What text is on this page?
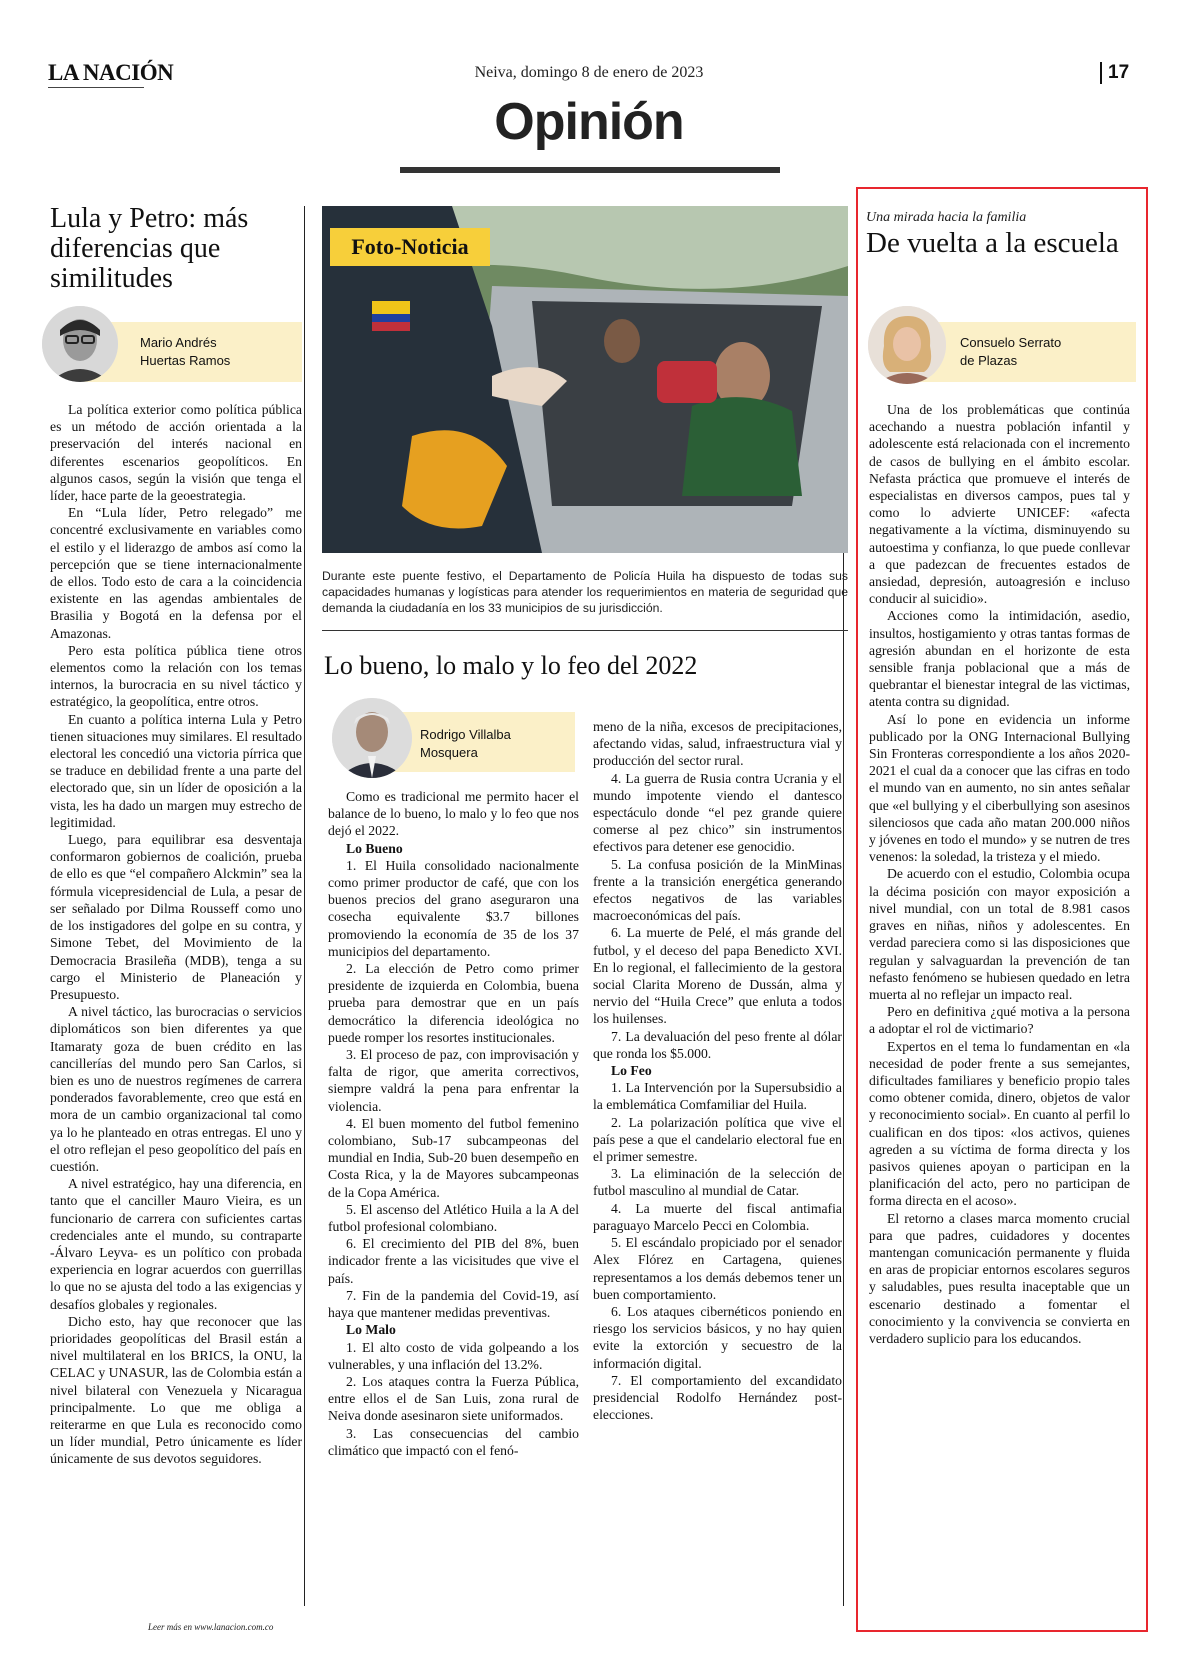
LA NACIÓN	Neiva, domingo 8 de enero de 2023	17
Opinión
Lula y Petro: más diferencias que similitudes
Mario Andrés
Huertas Ramos

La política exterior como política pública es un método de acción orientada a la preservación del interés nacional en diferentes escenarios geopolíticos. En algunos casos, según la visión que tenga el líder, hace parte de la geoestrategia.

En “Lula líder, Petro relegado” me concentré exclusivamente en variables como el estilo y el liderazgo de ambos así como la percepción que se tiene internacionalmente de ellos. Todo esto de cara a la coincidencia existente en las agendas ambientales de Brasilia y Bogotá en la defensa por el Amazonas.

Pero esta política pública tiene otros elementos como la relación con los temas internos, la burocracia en su nivel táctico y estratégico, la geopolítica, entre otros.

En cuanto a política interna Lula y Petro tienen situaciones muy similares. El resultado electoral les concedió una victoria pírrica que se traduce en debilidad frente a una parte del electorado que, sin un líder de oposición a la vista, les ha dado un margen muy estrecho de legitimidad.

Luego, para equilibrar esa desventaja conformaron gobiernos de coalición, prueba de ello es que “el compañero Alckmin” sea la fórmula vicepresidencial de Lula, a pesar de ser señalado por Dilma Rousseff como uno de los instigadores del golpe en su contra, y Simone Tebet, del Movimiento de la Democracia Brasileña (MDB), tenga a su cargo el Ministerio de Planeación y Presupuesto.

A nivel táctico, las burocracias o servicios diplomáticos son bien diferentes ya que Itamaraty goza de buen crédito en las cancillerías del mundo pero San Carlos, si bien es uno de nuestros regímenes de carrera ponderados favorablemente, creo que está en mora de un cambio organizacional tal como ya lo he planteado en otras entregas. El uno y el otro reflejan el peso geopolítico del país en cuestión.

A nivel estratégico, hay una diferencia, en tanto que el canciller Mauro Vieira, es un funcionario de carrera con suficientes cartas credenciales ante el mundo, su contraparte -Álvaro Leyva- es un político con probada experiencia en lograr acuerdos con guerrillas lo que no se ajusta del todo a las exigencias y desafíos globales y regionales.

Dicho esto, hay que reconocer que las prioridades geopolíticas del Brasil están a nivel multilateral en los BRICS, la ONU, la CELAC y UNASUR, las de Colombia están a nivel bilateral con Venezuela y Nicaragua principalmente. Lo que me obliga a reiterarme en que Lula es reconocido como un líder mundial, Petro únicamente es líder únicamente de sus devotos seguidores.

Leer más en www.lanacion.com.co
Foto-Noticia
Durante este puente festivo, el Departamento de Policía Huila ha dispuesto de todas sus capacidades humanas y logísticas para atender los requerimientos en materia de seguridad que demanda la ciudadanía en los 33 municipios de su jurisdicción.
Lo bueno, lo malo y lo feo del 2022
Rodrigo Villalba
Mosquera

Como es tradicional me permito hacer el balance de lo bueno, lo malo y lo feo que nos dejó el 2022.

Lo Bueno

1. El Huila consolidado nacionalmente como primer productor de café, que con los buenos precios del grano aseguraron una cosecha equivalente $3.7 billones promoviendo la economía de 35 de los 37 municipios del departamento.

2. La elección de Petro como primer presidente de izquierda en Colombia, buena prueba para demostrar que en un país democrático la diferencia ideológica no puede romper los resortes institucionales.

3. El proceso de paz, con improvisación y falta de rigor, que amerita correctivos, siempre valdrá la pena para enfrentar la violencia.

4. El buen momento del futbol femenino colombiano, Sub-17 subcampeonas del mundial en India, Sub-20 buen desempeño en Costa Rica, y la de Mayores subcampeonas de la Copa América.

5. El ascenso del Atlético Huila a la A del futbol profesional colombiano.

6. El crecimiento del PIB del 8%, buen indicador frente a las vicisitudes que vive el país.

7. Fin de la pandemia del Covid-19, así haya que mantener medidas preventivas.

Lo Malo

1. El alto costo de vida golpeando a los vulnerables, y una inflación del 13.2%.

2. Los ataques contra la Fuerza Pública, entre ellos el de San Luis, zona rural de Neiva donde asesinaron siete uniformados.

3. Las consecuencias del cambio climático que impactó con el fenó-

meno de la niña, excesos de precipitaciones, afectando vidas, salud, infraestructura vial y producción del sector rural.

4. La guerra de Rusia contra Ucrania y el mundo impotente viendo el dantesco espectáculo donde “el pez grande quiere comerse al pez chico” sin instrumentos efectivos para detener ese genocidio.

5. La confusa posición de la MinMinas frente a la transición energética generando efectos negativos de las variables macroeconómicas del país.

6. La muerte de Pelé, el más grande del futbol, y el deceso del papa Benedicto XVI. En lo regional, el fallecimiento de la gestora social Clarita Moreno de Dussán, alma y nervio del “Huila Crece” que enluta a todos los huilenses.

7. La devaluación del peso frente al dólar que ronda los $5.000.

Lo Feo

1. La Intervención por la Supersubsidio a la emblemática Comfamiliar del Huila.

2. La polarización política que vive el país pese a que el candelario electoral fue en el primer semestre.

3. La eliminación de la selección de futbol masculino al mundial de Catar.

4. La muerte del fiscal antimafia paraguayo Marcelo Pecci en Colombia.

5. El escándalo propiciado por el senador Alex Flórez en Cartagena, quienes representamos a los demás debemos tener un buen comportamiento.

6. Los ataques cibernéticos poniendo en riesgo los servicios básicos, y no hay quien evite la extorción y secuestro de la información digital.

7. El comportamiento del excandidato presidencial Rodolfo Hernández post-elecciones.

Una mirada hacia la familia
De vuelta a la escuela
Consuelo Serrato
de Plazas

Una de los problemáticas que continúa acechando a nuestra población infantil y adolescente está relacionada con el incremento de casos de bullying en el ámbito escolar. Nefasta práctica que promueve el interés de especialistas en diversos campos, pues tal y como lo advierte UNICEF: «afecta negativamente a la víctima, disminuyendo su autoestima y confianza, lo que puede conllevar a que padezcan de frecuentes estados de ansiedad, depresión, autoagresión e incluso conducir al suicidio».

Acciones como la intimidación, asedio, insultos, hostigamiento y otras tantas formas de agresión abundan en el horizonte de esta sensible franja poblacional que a más de quebrantar el bienestar integral de las victimas, atenta contra su dignidad.

Así lo pone en evidencia un informe publicado por la ONG Internacional Bullying Sin Fronteras correspondiente a los años 2020-2021 el cual da a conocer que las cifras en todo el mundo van en aumento, no sin antes señalar que «el bullying y el ciberbullying son asesinos silenciosos que cada año matan 200.000 niños y jóvenes en todo el mundo» y se nutren de tres venenos: la soledad, la tristeza y el miedo.

De acuerdo con el estudio, Colombia ocupa la décima posición con mayor exposición a nivel mundial, con un total de 8.981 casos graves en niñas, niños y adolescentes. En verdad pareciera como si las disposiciones que regulan y salvaguardan la prevención de tan nefasto fenómeno se hubiesen quedado en letra muerta al no reflejar un impacto real.

Pero en definitiva ¿qué motiva a la persona a adoptar el rol de victimario?

Expertos en el tema lo fundamentan en «la necesidad de poder frente a sus semejantes, dificultades familiares y beneficio propio tales como obtener comida, dinero, objetos de valor y reconocimiento social». En cuanto al perfil lo cualifican en dos tipos: «los activos, quienes agreden a su víctima de forma directa y los pasivos quienes apoyan o participan en la planificación del acto, pero no participan de forma directa en el acoso».

El retorno a clases marca momento crucial para que padres, cuidadores y docentes mantengan comunicación permanente y fluida en aras de propiciar entornos escolares seguros y saludables, pues resulta inaceptable que un escenario destinado a fomentar el conocimiento y la convivencia se convierta en verdadero suplicio para los educandos.
